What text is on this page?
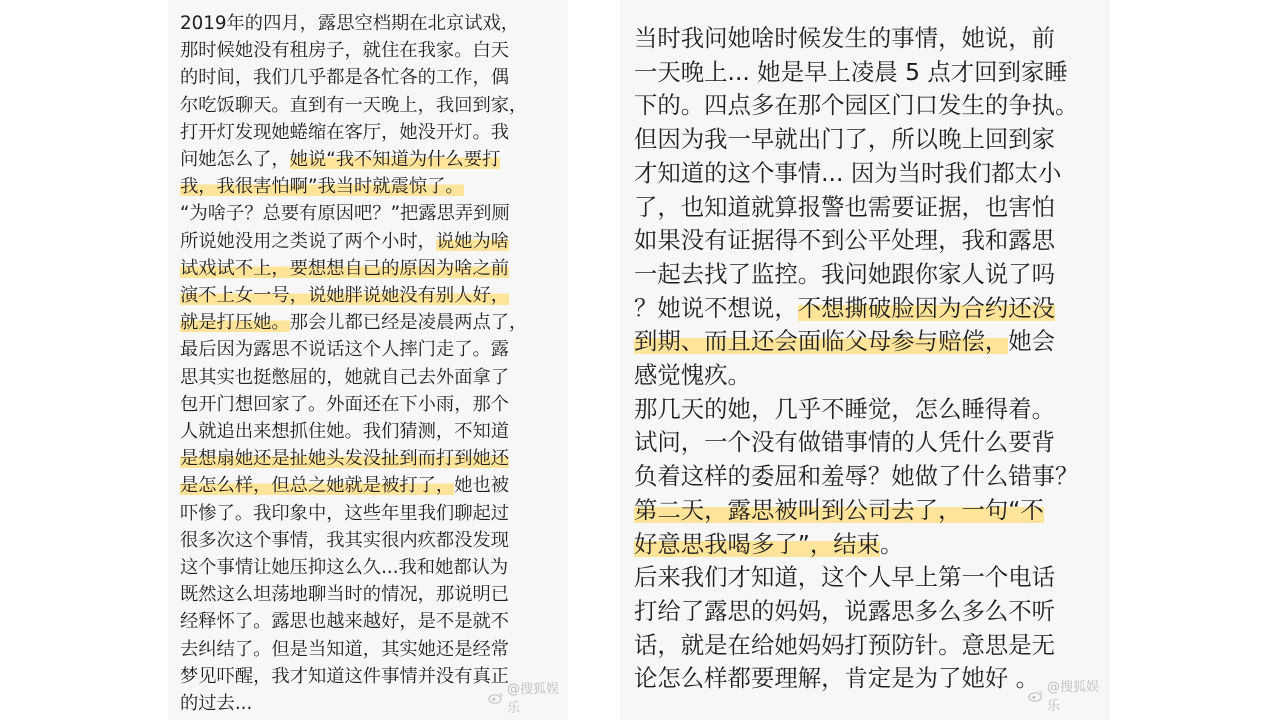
2019年的四月，露思空档期在北京试戏，
那时候她没有租房子，就住在我家。白天
的时间，我们几乎都是各忙各的工作，偶
尔吃饭聊天。直到有一天晚上，我回到家，
打开灯发现她蜷缩在客厅，她没开灯。我
问她怎么了，她说“我不知道为什么要打
我，我很害怕啊”我当时就震惊了。
“为啥子？总要有原因吧？”把露思弄到厕
所说她没用之类说了两个小时，说她为啥
试戏试不上，要想想自己的原因为啥之前
演不上女一号，说她胖说她没有别人好，
就是打压她。那会儿都已经是凌晨两点了，
最后因为露思不说话这个人摔门走了。露
思其实也挺憋屈的，她就自己去外面拿了
包开门想回家了。外面还在下小雨，那个
人就追出来想抓住她。我们猜测，不知道
是想扇她还是扯她头发没扯到而打到她还
是怎么样，但总之她就是被打了，她也被
吓惨了。我印象中，这些年里我们聊起过
很多次这个事情，我其实很内疚都没发现
这个事情让她压抑这么久...我和她都认为
既然这么坦荡地聊当时的情况，那说明已
经释怀了。露思也越来越好，是不是就不
去纠结了。但是当知道，其实她还是经常
梦见吓醒，我才知道这件事情并没有真正
的过去...
@搜狐娱乐
当时我问她啥时候发生的事情，她说，前
一天晚上... 她是早上凌晨 5 点才回到家睡
下的。四点多在那个园区门口发生的争执。
但因为我一早就出门了，所以晚上回到家
才知道的这个事情... 因为当时我们都太小
了，也知道就算报警也需要证据，也害怕
如果没有证据得不到公平处理，我和露思
一起去找了监控。我问她跟你家人说了吗
？她说不想说，不想撕破脸因为合约还没
到期、而且还会面临父母参与赔偿，她会
感觉愧疚。
那几天的她，几乎不睡觉，怎么睡得着。
试问，一个没有做错事情的人凭什么要背
负着这样的委屈和羞辱？她做了什么错事？
第二天，露思被叫到公司去了，一句“不
好意思我喝多了”，结束。
后来我们才知道，这个人早上第一个电话
打给了露思的妈妈，说露思多么多么不听
话，就是在给她妈妈打预防针。意思是无
论怎么样都要理解，肯定是为了她好 。 @搜狐娱乐
